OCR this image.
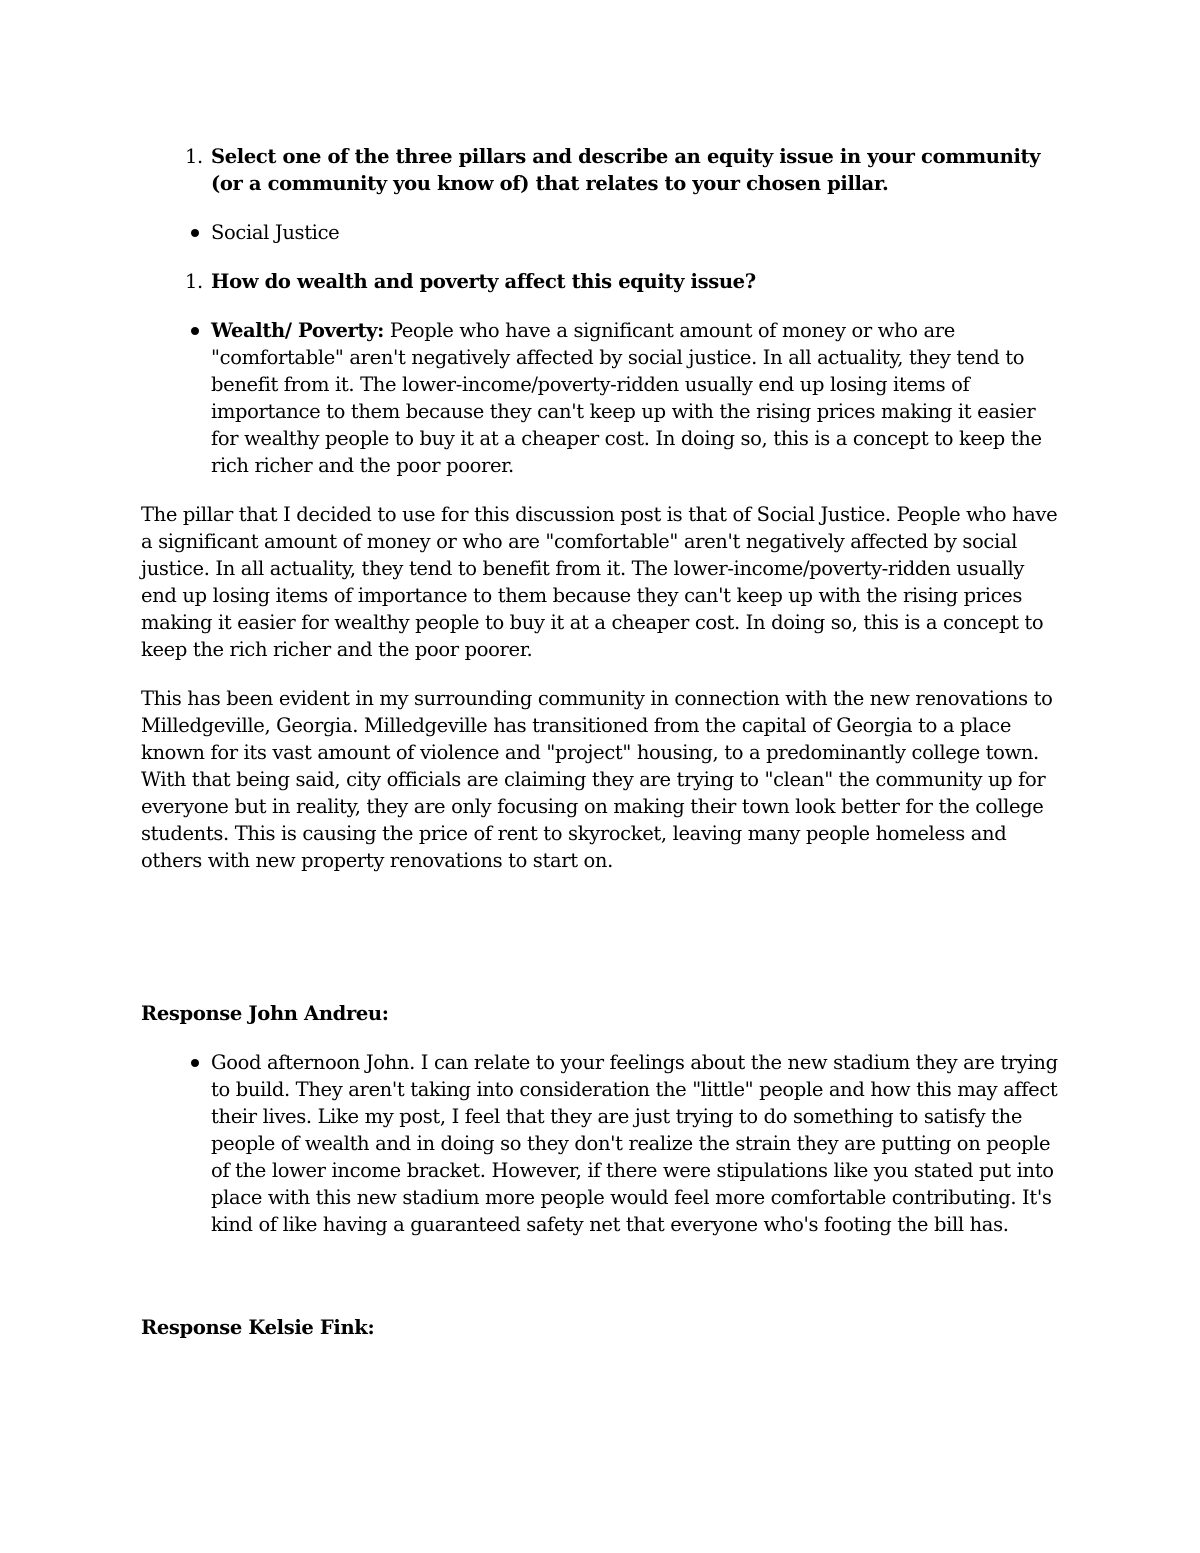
1. Select one of the three pillars and describe an equity issue in your community (or a community you know of) that relates to your chosen pillar.
Social Justice
1. How do wealth and poverty affect this equity issue?
Wealth/ Poverty: People who have a significant amount of money or who are "comfortable" aren't negatively affected by social justice. In all actuality, they tend to benefit from it. The lower-income/poverty-ridden usually end up losing items of importance to them because they can't keep up with the rising prices making it easier for wealthy people to buy it at a cheaper cost. In doing so, this is a concept to keep the rich richer and the poor poorer.

The pillar that I decided to use for this discussion post is that of Social Justice. People who have a significant amount of money or who are "comfortable" aren't negatively affected by social justice. In all actuality, they tend to benefit from it. The lower-income/poverty-ridden usually end up losing items of importance to them because they can't keep up with the rising prices making it easier for wealthy people to buy it at a cheaper cost. In doing so, this is a concept to keep the rich richer and the poor poorer.

This has been evident in my surrounding community in connection with the new renovations to Milledgeville, Georgia. Milledgeville has transitioned from the capital of Georgia to a place known for its vast amount of violence and "project" housing, to a predominantly college town. With that being said, city officials are claiming they are trying to "clean" the community up for everyone but in reality, they are only focusing on making their town look better for the college students. This is causing the price of rent to skyrocket, leaving many people homeless and others with new property renovations to start on.

Response John Andreu:

Good afternoon John. I can relate to your feelings about the new stadium they are trying to build. They aren't taking into consideration the "little" people and how this may affect their lives. Like my post, I feel that they are just trying to do something to satisfy the people of wealth and in doing so they don't realize the strain they are putting on people of the lower income bracket. However, if there were stipulations like you stated put into place with this new stadium more people would feel more comfortable contributing. It's kind of like having a guaranteed safety net that everyone who's footing the bill has.

Response Kelsie Fink:
